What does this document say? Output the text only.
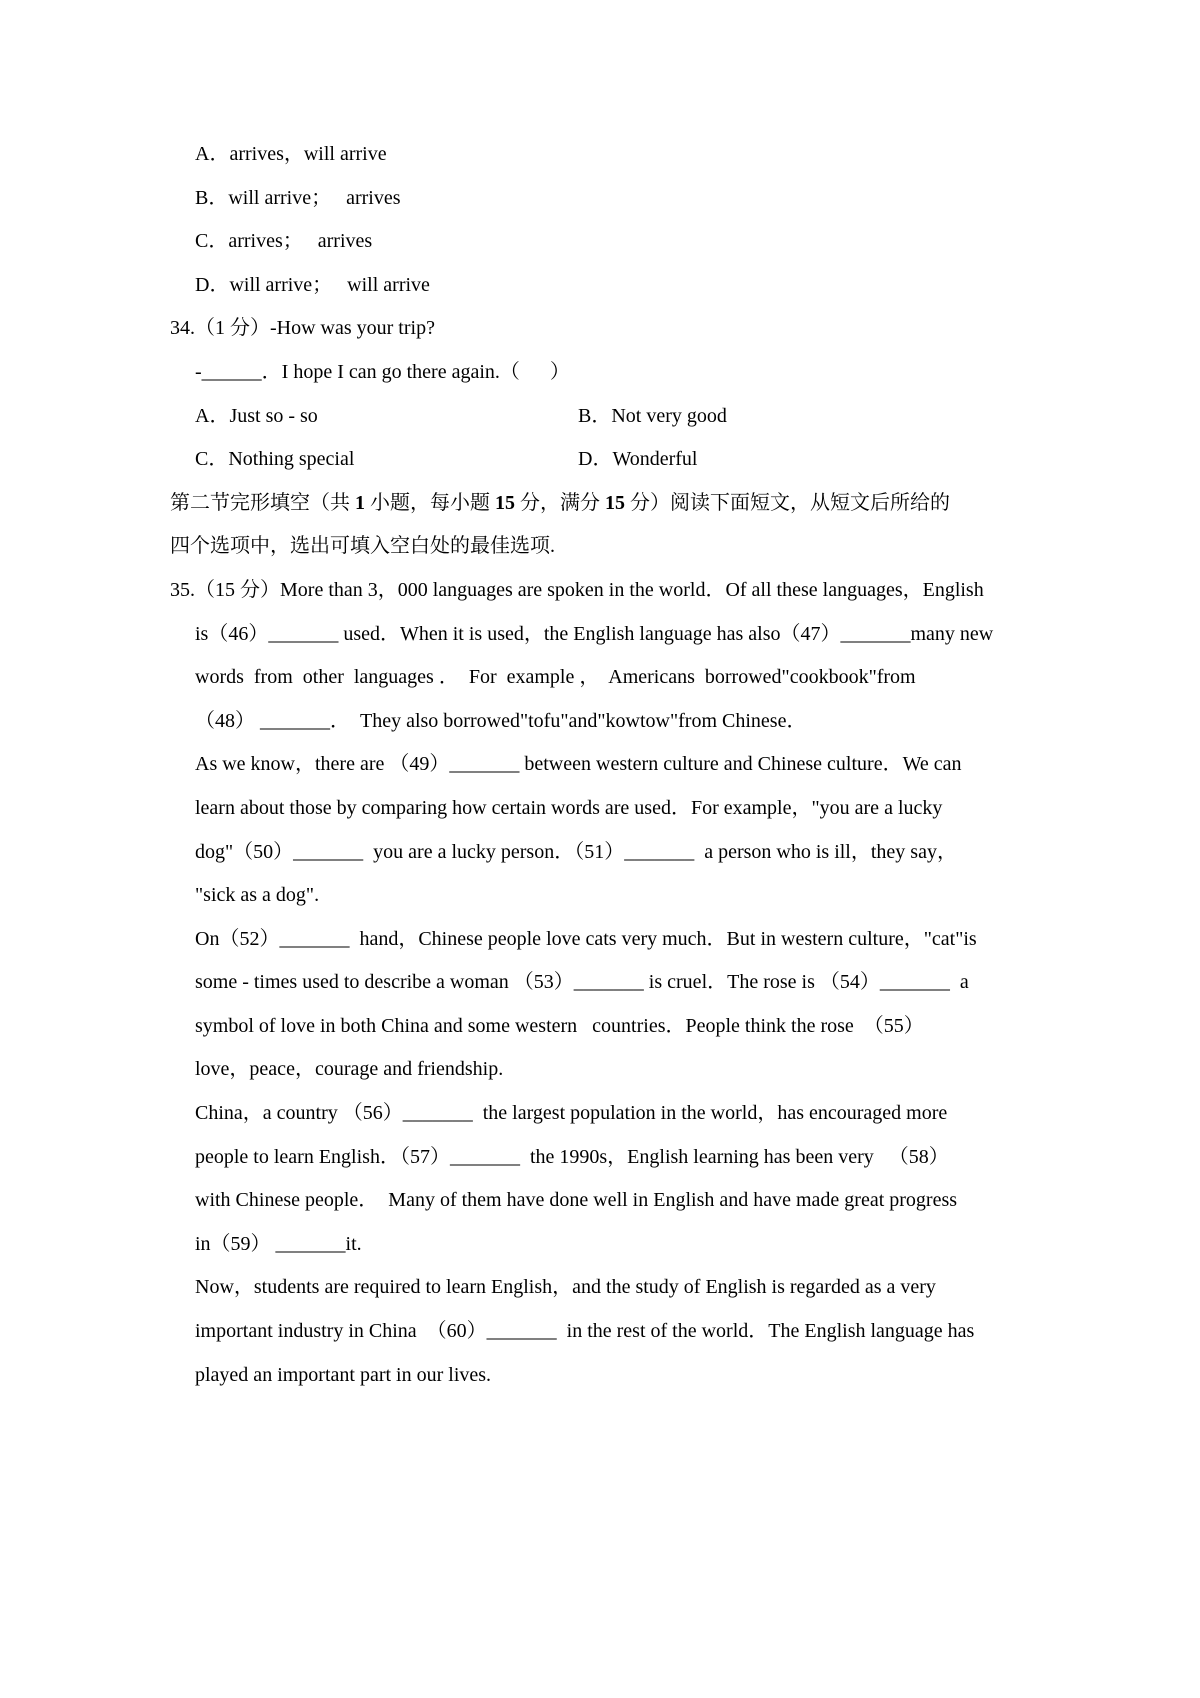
A．arrives，will arrive
B．will arrive；   arrives
C．arrives；   arrives
D．will arrive；   will arrive
34.（1 分）-How was your trip?
-______．I hope I can go there again.（      ）
A．Just so - so	B．Not very good
C．Nothing special	D．Wonderful
第二节完形填空（共 1 小题，每小题 15 分，满分 15 分）阅读下面短文，从短文后所给的
四个选项中，选出可填入空白处的最佳选项.
35.（15 分）More than 3，000 languages are spoken in the world．Of all these languages，English
is（46）_______ used．When it is used，the English language has also（47）_______many new
words  from  other  languages ．  For  example ，  Americans  borrowed"cookbook"from
（48） _______．  They also borrowed"tofu"and"kowtow"from Chinese．
As we know，there are （49）_______ between western culture and Chinese culture．We can
learn about those by comparing how certain words are used．For example，"you are a lucky
dog"（50）_______  you are a lucky person．（51）_______  a person who is ill，they say，
"sick as a dog".
On（52）_______  hand，Chinese people love cats very much．But in western culture，"cat"is
some - times used to describe a woman （53）_______ is cruel．The rose is （54）_______  a
symbol of love in both China and some western   countries．People think the rose  （55）
love，peace，courage and friendship.
China，a country （56）_______  the largest population in the world，has encouraged more
people to learn English．（57）_______  the 1990s，English learning has been very   （58）
with Chinese people．  Many of them have done well in English and have made great progress
in（59） _______it.
Now，students are required to learn English，and the study of English is regarded as a very
important industry in China  （60）_______  in the rest of the world．The English language has
played an important part in our lives.
